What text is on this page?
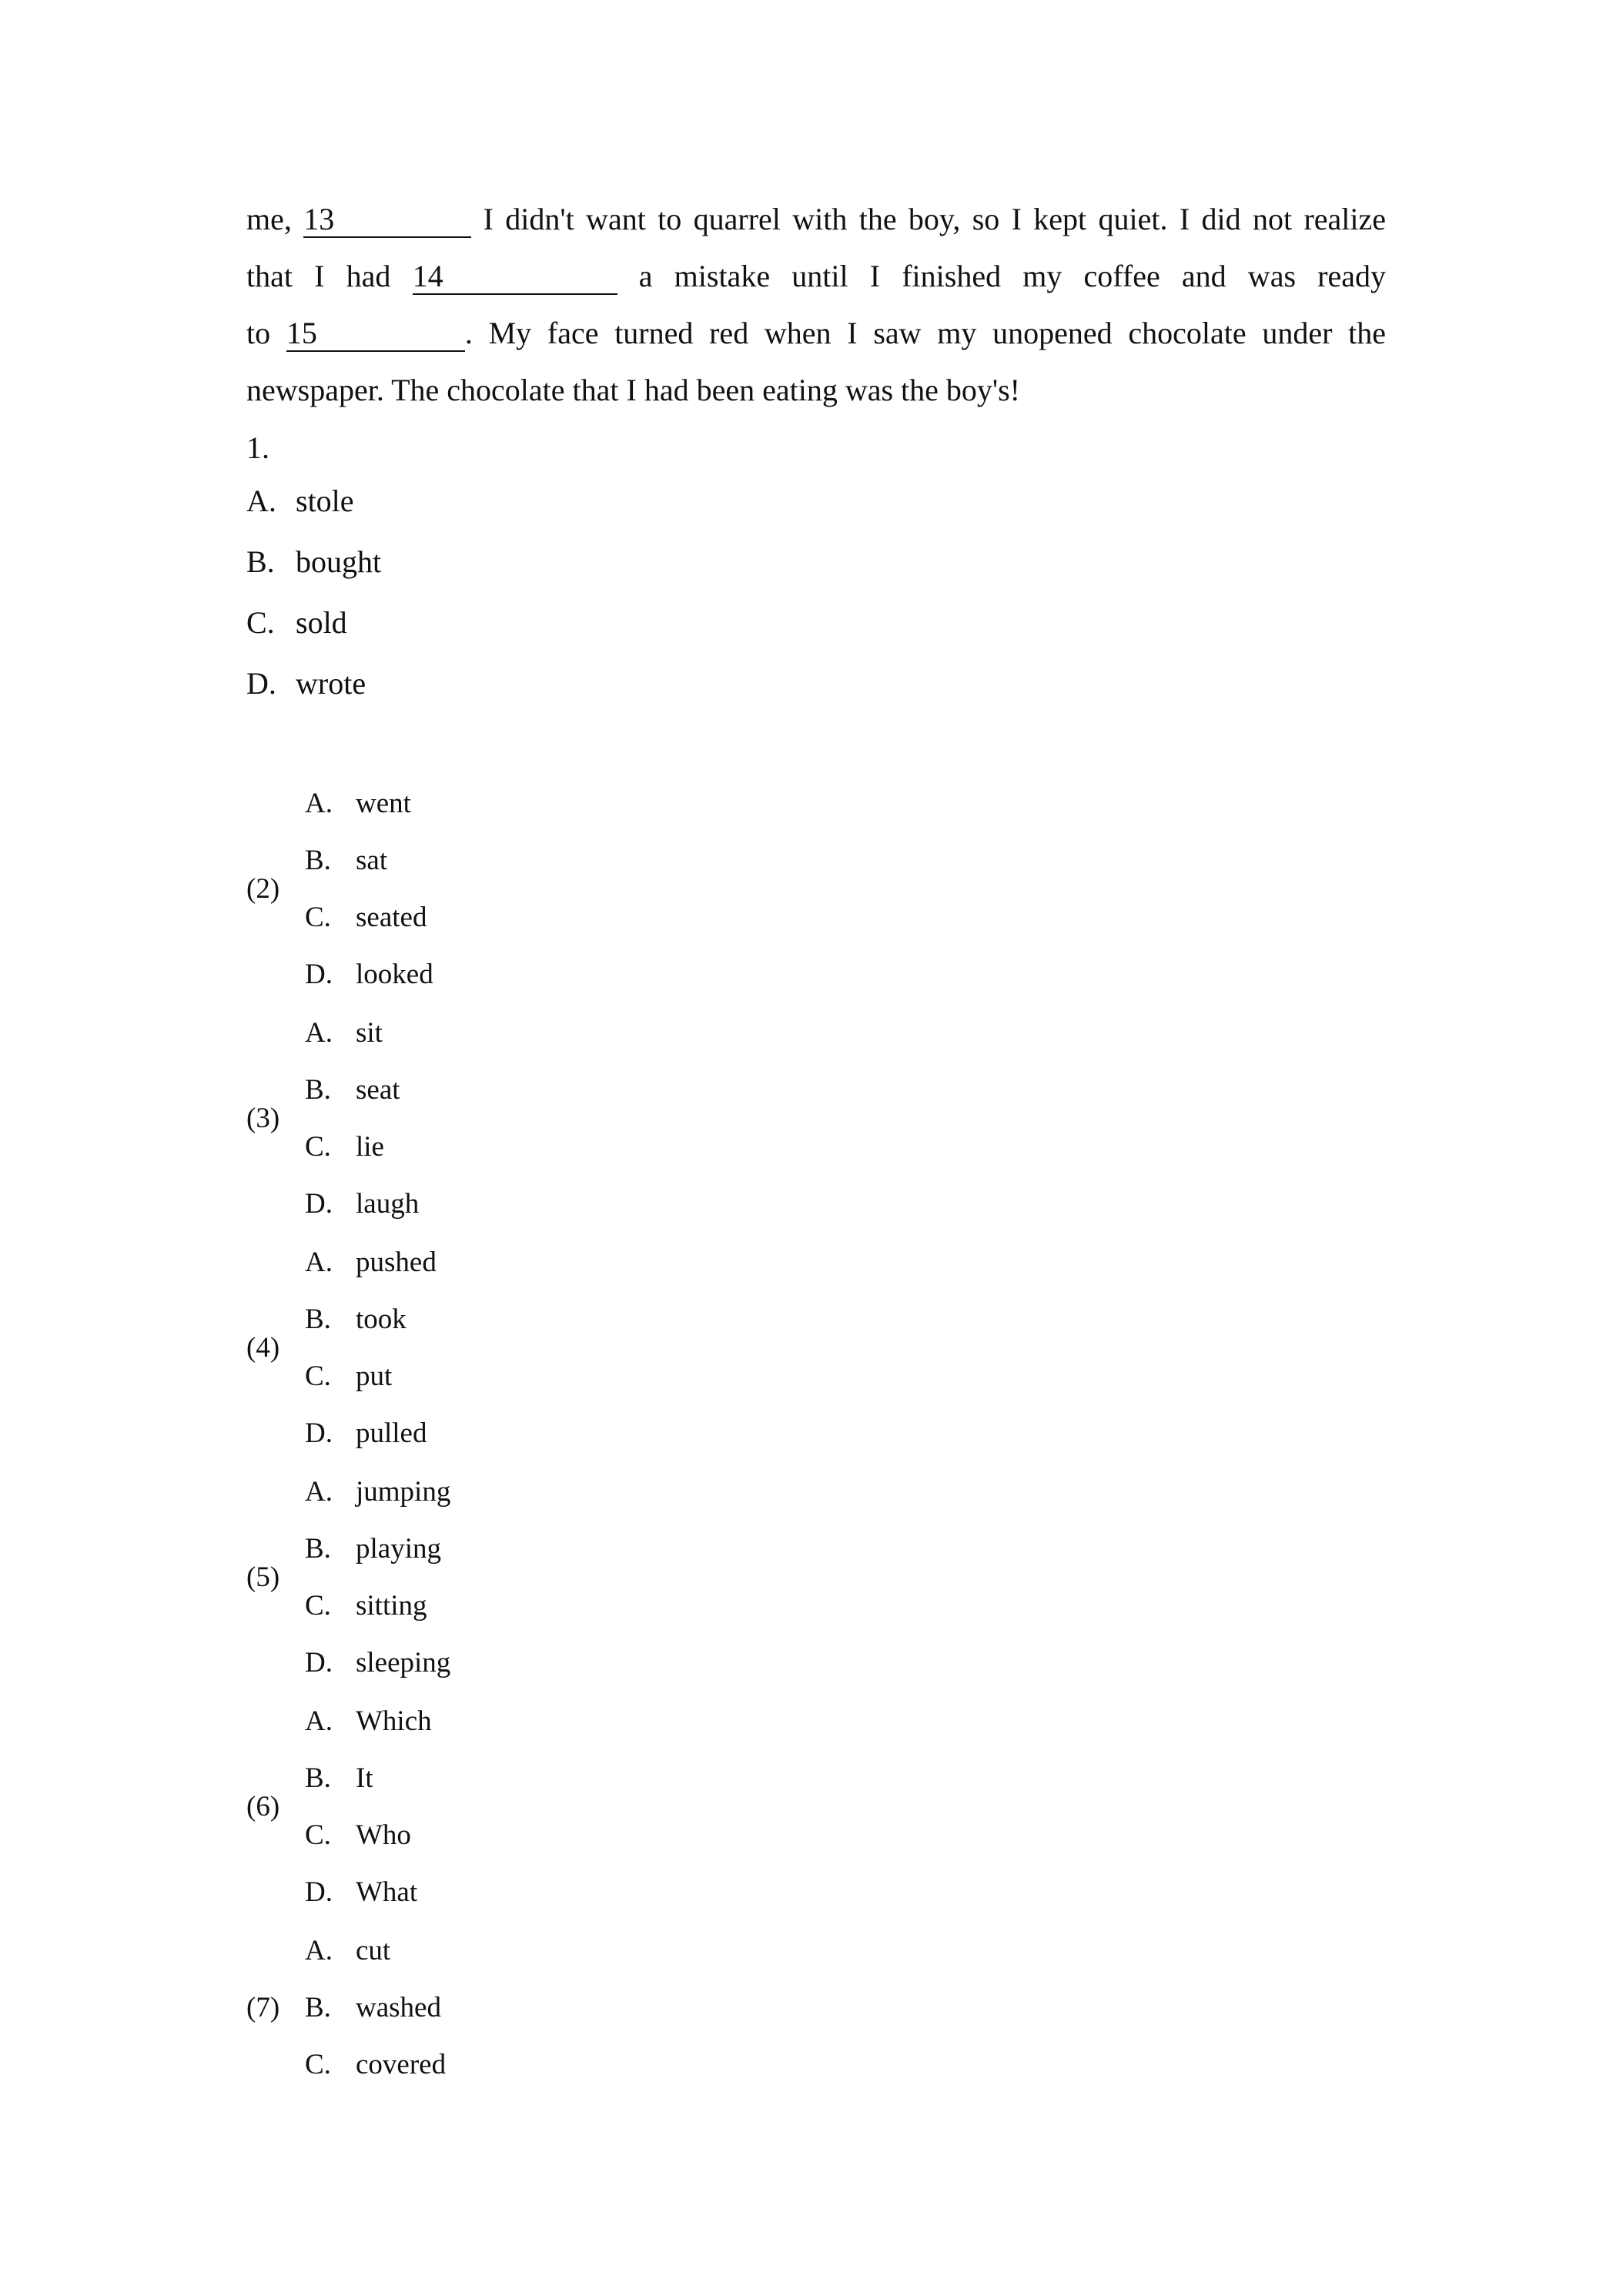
me, 13	I didn't want to quarrel with the boy, so I kept quiet. I did not realize
that I had 14	a mistake until I finished my coffee and was ready
to 15	. My face turned red when I saw my unopened chocolate under the
newspaper. The chocolate that I had been eating was the boy's!
1.
A. stole
B. bought
C. sold
D. wrote
(2)
A. went
B. sat
C. seated
D. looked
(3)
A. sit
B. seat
C. lie
D. laugh
(4)
A. pushed
B. took
C. put
D. pulled
(5)
A. jumping
B. playing
C. sitting
D. sleeping
(6)
A. Which
B. It
C. Who
D. What
(7)
A. cut
B. washed
C. covered
